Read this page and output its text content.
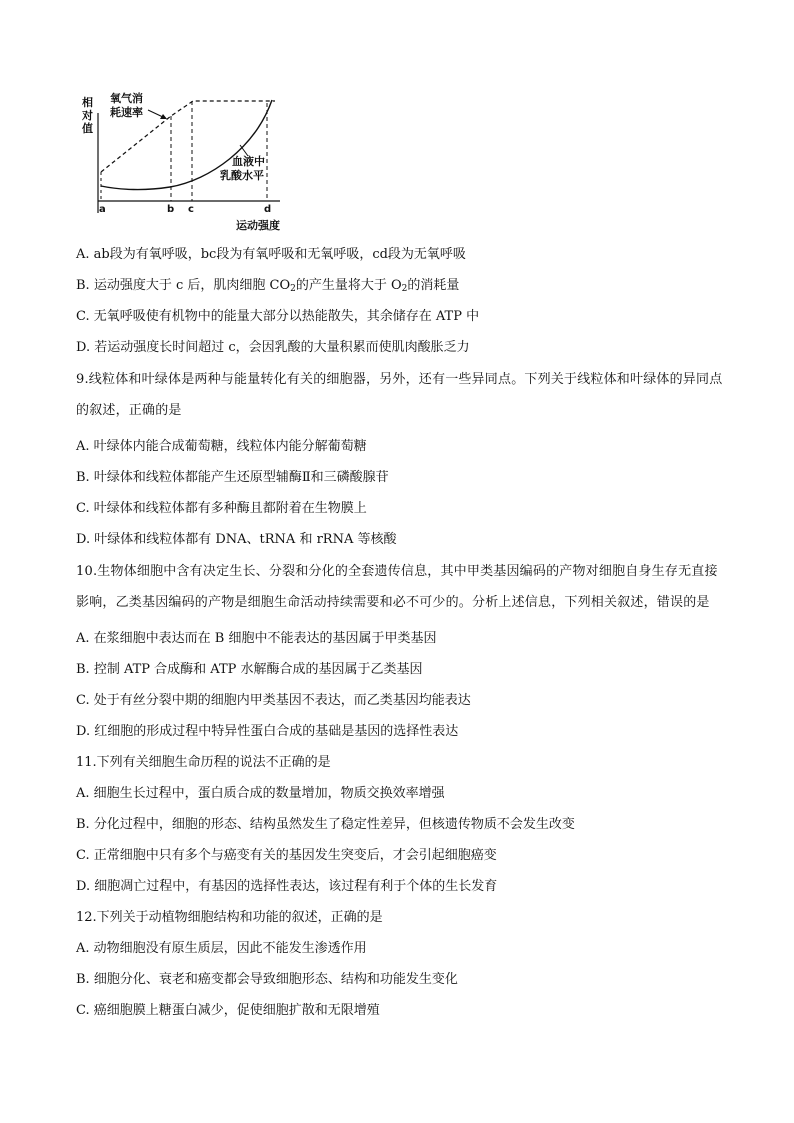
相
对
值
氧气消
耗速率
血液中
乳酸水平
a	b c	d
运动强度
A. ab段为有氧呼吸，bc段为有氧呼吸和无氧呼吸，cd段为无氧呼吸
B. 运动强度大于 c 后，肌肉细胞 $CO_2$的产生量将大于 $O_2$的消耗量
C. 无氧呼吸使有机物中的能量大部分以热能散失，其余储存在 ATP 中
D. 若运动强度长时间超过 c，会因乳酸的大量积累而使肌肉酸胀乏力
9.线粒体和叶绿体是两种与能量转化有关的细胞器，另外，还有一些异同点。下列关于线粒体和叶绿体的异同点的叙述，正确的是
A. 叶绿体内能合成葡萄糖，线粒体内能分解葡萄糖
B. 叶绿体和线粒体都能产生还原型辅酶Ⅱ和三磷酸腺苷
C. 叶绿体和线粒体都有多种酶且都附着在生物膜上
D. 叶绿体和线粒体都有 DNA、tRNA 和 rRNA 等核酸
10.生物体细胞中含有决定生长、分裂和分化的全套遗传信息，其中甲类基因编码的产物对细胞自身生存无直接影响，乙类基因编码的产物是细胞生命活动持续需要和必不可少的。分析上述信息，下列相关叙述，错误的是
A. 在浆细胞中表达而在 B 细胞中不能表达的基因属于甲类基因
B. 控制 ATP 合成酶和 ATP 水解酶合成的基因属于乙类基因
C. 处于有丝分裂中期的细胞内甲类基因不表达，而乙类基因均能表达
D. 红细胞的形成过程中特异性蛋白合成的基础是基因的选择性表达
11.下列有关细胞生命历程的说法不正确的是
A. 细胞生长过程中，蛋白质合成的数量增加，物质交换效率增强
B. 分化过程中，细胞的形态、结构虽然发生了稳定性差异，但核遗传物质不会发生改变
C. 正常细胞中只有多个与癌变有关的基因发生突变后，才会引起细胞癌变
D. 细胞凋亡过程中，有基因的选择性表达，该过程有利于个体的生长发育
12.下列关于动植物细胞结构和功能的叙述，正确的是
A. 动物细胞没有原生质层，因此不能发生渗透作用
B. 细胞分化、衰老和癌变都会导致细胞形态、结构和功能发生变化
C. 癌细胞膜上糖蛋白减少，促使细胞扩散和无限增殖
